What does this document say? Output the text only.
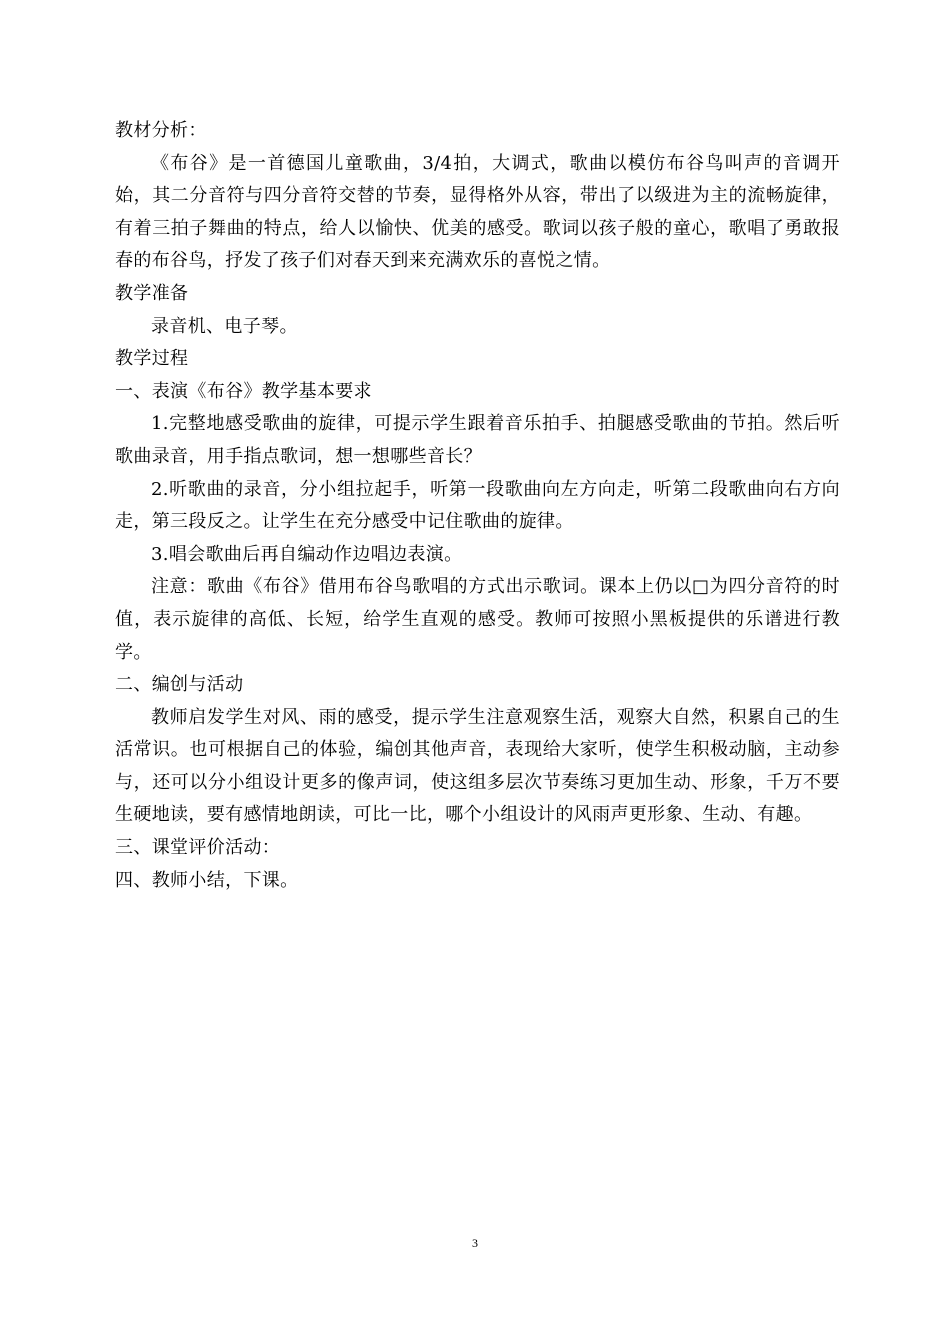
教材分析：

《布谷》是一首德国儿童歌曲，3/4拍，大调式，歌曲以模仿布谷鸟叫声的音调开始，其二分音符与四分音符交替的节奏，显得格外从容，带出了以级进为主的流畅旋律，有着三拍子舞曲的特点，给人以愉快、优美的感受。歌词以孩子般的童心，歌唱了勇敢报春的布谷鸟，抒发了孩子们对春天到来充满欢乐的喜悦之情。

教学准备

录音机、电子琴。

教学过程

一、表演《布谷》教学基本要求

1.完整地感受歌曲的旋律，可提示学生跟着音乐拍手、拍腿感受歌曲的节拍。然后听歌曲录音，用手指点歌词，想一想哪些音长？

2.听歌曲的录音，分小组拉起手，听第一段歌曲向左方向走，听第二段歌曲向右方向走，第三段反之。让学生在充分感受中记住歌曲的旋律。

3.唱会歌曲后再自编动作边唱边表演。

注意：歌曲《布谷》借用布谷鸟歌唱的方式出示歌词。课本上仍以□为四分音符的时值，表示旋律的高低、长短，给学生直观的感受。教师可按照小黑板提供的乐谱进行教学。

二、编创与活动

教师启发学生对风、雨的感受，提示学生注意观察生活，观察大自然，积累自己的生活常识。也可根据自己的体验，编创其他声音，表现给大家听，使学生积极动脑，主动参与，还可以分小组设计更多的像声词，使这组多层次节奏练习更加生动、形象，千万不要生硬地读，要有感情地朗读，可比一比，哪个小组设计的风雨声更形象、生动、有趣。

三、课堂评价活动：

四、教师小结，下课。

3
